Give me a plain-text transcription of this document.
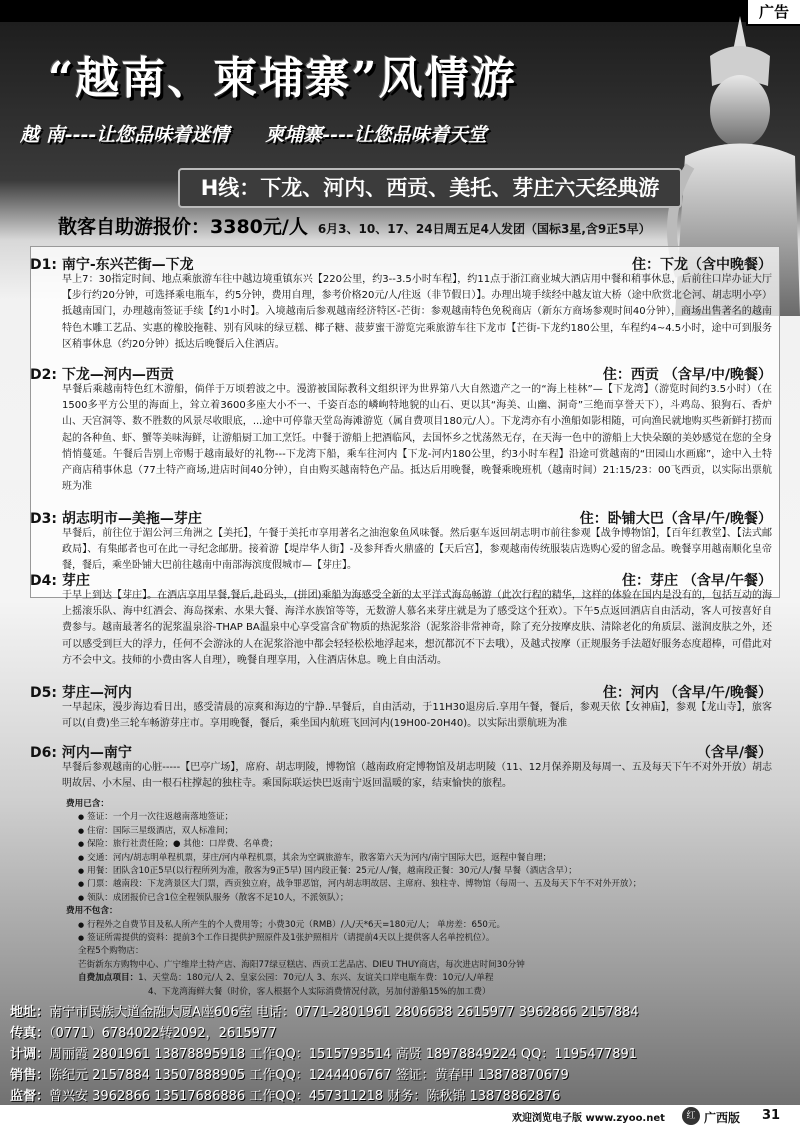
广告
“越南、柬埔寨”风情游
越 南----让您品味着迷情 柬埔寨----让您品味着天堂
H线：下龙、河内、西贡、美托、芽庄六天经典游
散客自助游报价：3380元/人 6月3、10、17、24日周五足4人发团（国标3星,含9正5早）
D1: 南宁-东兴芒街—下龙	住：下龙（含中晚餐）
早上7：30指定时间、地点乘旅游车往中越边境重镇东兴【220公里，约3--3.5小时车程】，约11点于浙江商业城大酒店用中餐和稍事休息，后前往口岸办证大厅【步行约20分钟，可选择乘电瓶车，约5分钟，费用自理，参考价格20元/人/往返（非节假日）】。办理出境手续经中越友谊大桥（途中欣赏北仑河、胡志明小亭）抵越南国门，办理越南签证手续【约1小时】。入境越南后参观越南经济特区-芒街：参观越南特色免税商店（新东方商场参观时间40分钟），商场出售著名的越南特色木雕工艺品、实惠的橡胶拖鞋、别有风味的绿豆糕、椰子糖、菠萝蜜干游览完乘旅游车往下龙市【芒街-下龙约180公里，车程约4~4.5小时，途中可到服务区稍事休息（约20分钟）抵达后晚餐后入住酒店。
D2: 下龙—河内—西贡	住：西贡 （含早/中/晚餐）
早餐后乘越南特色红木游船，倘佯于万顷碧波之中。漫游被国际教科文组织评为世界第八大自然遗产之一的“海上桂林”—【下龙湾】（游览时间约3.5小时）（在1500多平方公里的海面上，耸立着3600多座大小不一、千姿百态的嶙峋特地貌的山石、更以其“海美、山幽、洞奇”三绝而享誉天下），斗鸡岛、狼狗石、香炉山、天宫洞等、数不胜数的风景尽收眼底，...途中可停靠天堂岛海滩游览（属自费项目180元/人）。下龙湾亦有小渔船如影相随，可向渔民就地购买些新鲜打捞而起的各种鱼、虾、蟹等美味海鲜，让游船厨工加工烹饪。中餐于游船上把酒临风，去国怀乡之忧荡然无存，在天海一色中的游船上大快朵颐的美妙感觉在您的全身悄悄蔓延。午餐后告别上帝赐于越南最好的礼物---下龙湾下船，乘车往河内【下龙-河内180公里，约3小时车程】沿途可赏越南的“田园山水画廊”，途中入土特产商店稍事休息（77土特产商场,进店时间40分钟），自由购买越南特色产品。抵达后用晚餐，晚餐乘晚班机（越南时间）21:15/23：00飞西贡，以实际出票航班为准
D3: 胡志明市—美拖—芽庄	住：卧铺大巴（含早/午/晚餐）
早餐后，前往位于湄公河三角洲之【美托】，午餐于美托市享用著名之油泡象鱼风味餐。然后驱车返回胡志明市前往参观【战争博物馆】，【百年红教堂】、【法式邮政局】、有集邮者也可在此一寻纪念邮册。接着游【堤岸华人街】-及参拜香火鼎盛的【天后宫】，参观越南传统服装店选购心爱的留念品。晚餐享用越南顺化皇帝餐，餐后，乘坐卧铺大巴前往越南中南部海滨度假城市—【芽庄】。
D4: 芽庄	住：芽庄 （含早/午餐）
于早上到达【芽庄】。在酒店享用早餐,餐后,赴码头，(拼团)乘船为海感受全新的太平洋式海岛畅游（此次行程的精华，这样的体验在国内是没有的，包括互动的海上摇滚乐队、海中红酒会、海岛探索、水果大餐、海洋水族馆等等，无数游人慕名来芽庄就是为了感受这个狂欢）。下午5点返回酒店自由活动，客人可按喜好自费参与。越南最著名的泥浆温泉浴-THAP BA温泉中心享受富含矿物质的热泥浆浴（泥浆浴非常神奇，除了充分按摩皮肤、清除老化的角质层、滋润皮肤之外，还可以感受到巨大的浮力，任何不会游泳的人在泥浆浴池中都会轻轻松松地浮起来，想沉都沉不下去哦），及越式按摩（正规服务手法超好服务态度超棒，可借此对方不会中文。技师的小费由客人自理），晚餐自理享用，入住酒店休息。晚上自由活动。
D5: 芽庄—河内	住：河内 （含早/午/晚餐）
一早起床，漫步海边看日出，感受清晨的凉爽和海边的宁静..早餐后，自由活动，于11H30退房后.享用午餐，餐后，参观天依【女神庙】，参观【龙山寺】，旅客可以(自费)坐三轮车畅游芽庄市。享用晚餐，餐后，乘坐国内航班飞回河内(19H00-20H40)。以实际出票航班为准
D6: 河内—南宁	（含早/餐）
早餐后参观越南的心脏-----【巴亭广场】，席府、胡志明陵，博物馆（越南政府定博物馆及胡志明陵（11、12月保养期及每周一、五及每天下午不对外开放）胡志明故居、小木屋、由一根石柱撑起的独柱寺。乘国际联运快巴返南宁返回温暖的家，结束愉快的旅程。
费用已含：
● 签证：一个月一次往返越南落地签证；
● 住宿：国际三星级酒店，双人标准间；
● 保险：旅行社责任险；● 其他：口岸费、名单费；
● 交通：河内/胡志明单程机票，芽庄/河内单程机票，其余为空调旅游车，散客第六天为河内/南宁国际大巴，返程中餐自理；
● 用餐：团队含10正5早(以行程所列为准，散客为9正5早) 国内段正餐：25元/人/餐，越南段正餐：30元/人/餐 早餐（酒店含早）；
● 门票：越南段：下龙湾景区大门票，西贡独立府，战争罪恶馆，河内胡志明故居、主席府、独柱寺、博物馆（每周一、五及每天下午不对外开放）；
● 领队：成团报价已含1位全程领队服务（散客不足10人，不派领队）；
费用不包含：
● 行程外之自费节目及私人所产生的个人费用等；小费30元（RMB）/人/天*6天=180元/人； 单房差：650元。
● 签证所需提供的资料：提前3个工作日提供护照原件及1张护照相片（请提前4天以上提供客人名单控机位）。
全程5个购物店：
芒街新东方购物中心、广宁维岸土特产店、海阳77绿豆糕店、西贡工艺品店、DIEU THUY商店，每次进店时间30分钟
自费加点项目：1、天堂岛：180元/人 2、皇家公园：70元/人 3、东兴、友谊关口岸电瓶车费：10元/人/单程
4、下龙湾海鲜大餐（时价，客人根据个人实际消费情况付款，另加付游船15%的加工费）
地址：南宁市民族大道金融大厦A座606室 电话：0771-2801961 2806638 2615977 3962866 2157884
传真：（0771）6784022转2092，2615977
计调：周丽霞 2801961 13878895918 工作QQ：1515793514 高贤 18978849224 QQ：1195477891
销售：陈纪元 2157884 13507888905 工作QQ：1244406767 签证：黄春甲 13878870679
监督：曾兴安 3962866 13517686886 工作QQ：457311218 财务：陈秋锦 13878862876
欢迎浏览电子版 www.zyoo.net	红 广西版 31
